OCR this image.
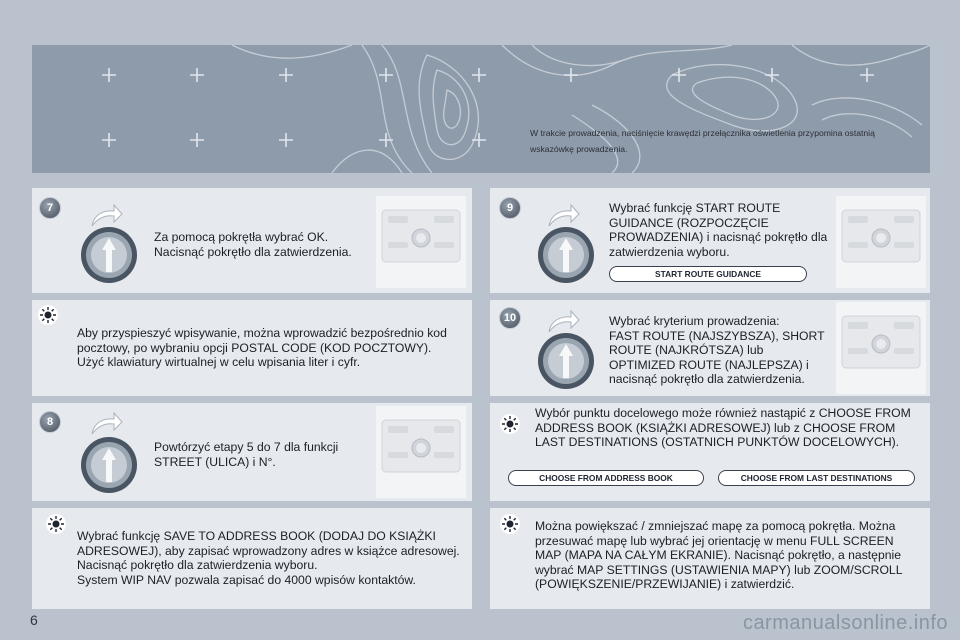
W trakcie prowadzenia, naciśnięcie krawędzi przełącznika oświetlenia przypomina ostatnią wskazówkę prowadzenia.
7
Za pomocą pokrętła wybrać OK.
Nacisnąć pokrętło dla zatwierdzenia.
Aby przyspieszyć wpisywanie, można wprowadzić bezpośrednio kod pocztowy, po wybraniu opcji POSTAL CODE (KOD POCZTOWY).
Użyć klawiatury wirtualnej w celu wpisania liter i cyfr.
8
Powtórzyć etapy 5 do 7 dla funkcji STREET (ULICA) i N°.
Wybrać funkcję SAVE TO ADDRESS BOOK (DODAJ DO KSIĄŻKI ADRESOWEJ), aby zapisać wprowadzony adres w książce adresowej. Nacisnąć pokrętło dla zatwierdzenia wyboru.
System WIP NAV pozwala zapisać do 4000 wpisów kontaktów.
9	Wybrać funkcję START ROUTE GUIDANCE (ROZPOCZĘCIE PROWADZENIA) i nacisnąć pokrętło dla zatwierdzenia wyboru.
START ROUTE GUIDANCE
10	Wybrać kryterium prowadzenia:
FAST ROUTE (NAJSZYBSZA), SHORT ROUTE (NAJKRÓTSZA) lub OPTIMIZED ROUTE (NAJLEPSZA) i nacisnąć pokrętło dla zatwierdzenia.
Wybór punktu docelowego może również nastąpić z CHOOSE FROM ADDRESS BOOK (KSIĄŻKI ADRESOWEJ) lub z CHOOSE FROM LAST DESTINATIONS (OSTATNICH PUNKTÓW DOCELOWYCH).
CHOOSE FROM ADDRESS BOOK	CHOOSE FROM LAST DESTINATIONS
Można powiększać / zmniejszać mapę za pomocą pokrętła. Można przesuwać mapę lub wybrać jej orientację w menu FULL SCREEN MAP (MAPA NA CAŁYM EKRANIE). Nacisnąć pokrętło, a następnie wybrać MAP SETTINGS (USTAWIENIA MAPY) lub ZOOM/SCROLL (POWIĘKSZENIE/PRZEWIJANIE) i zatwierdzić.
6	carmanualsonline.info
